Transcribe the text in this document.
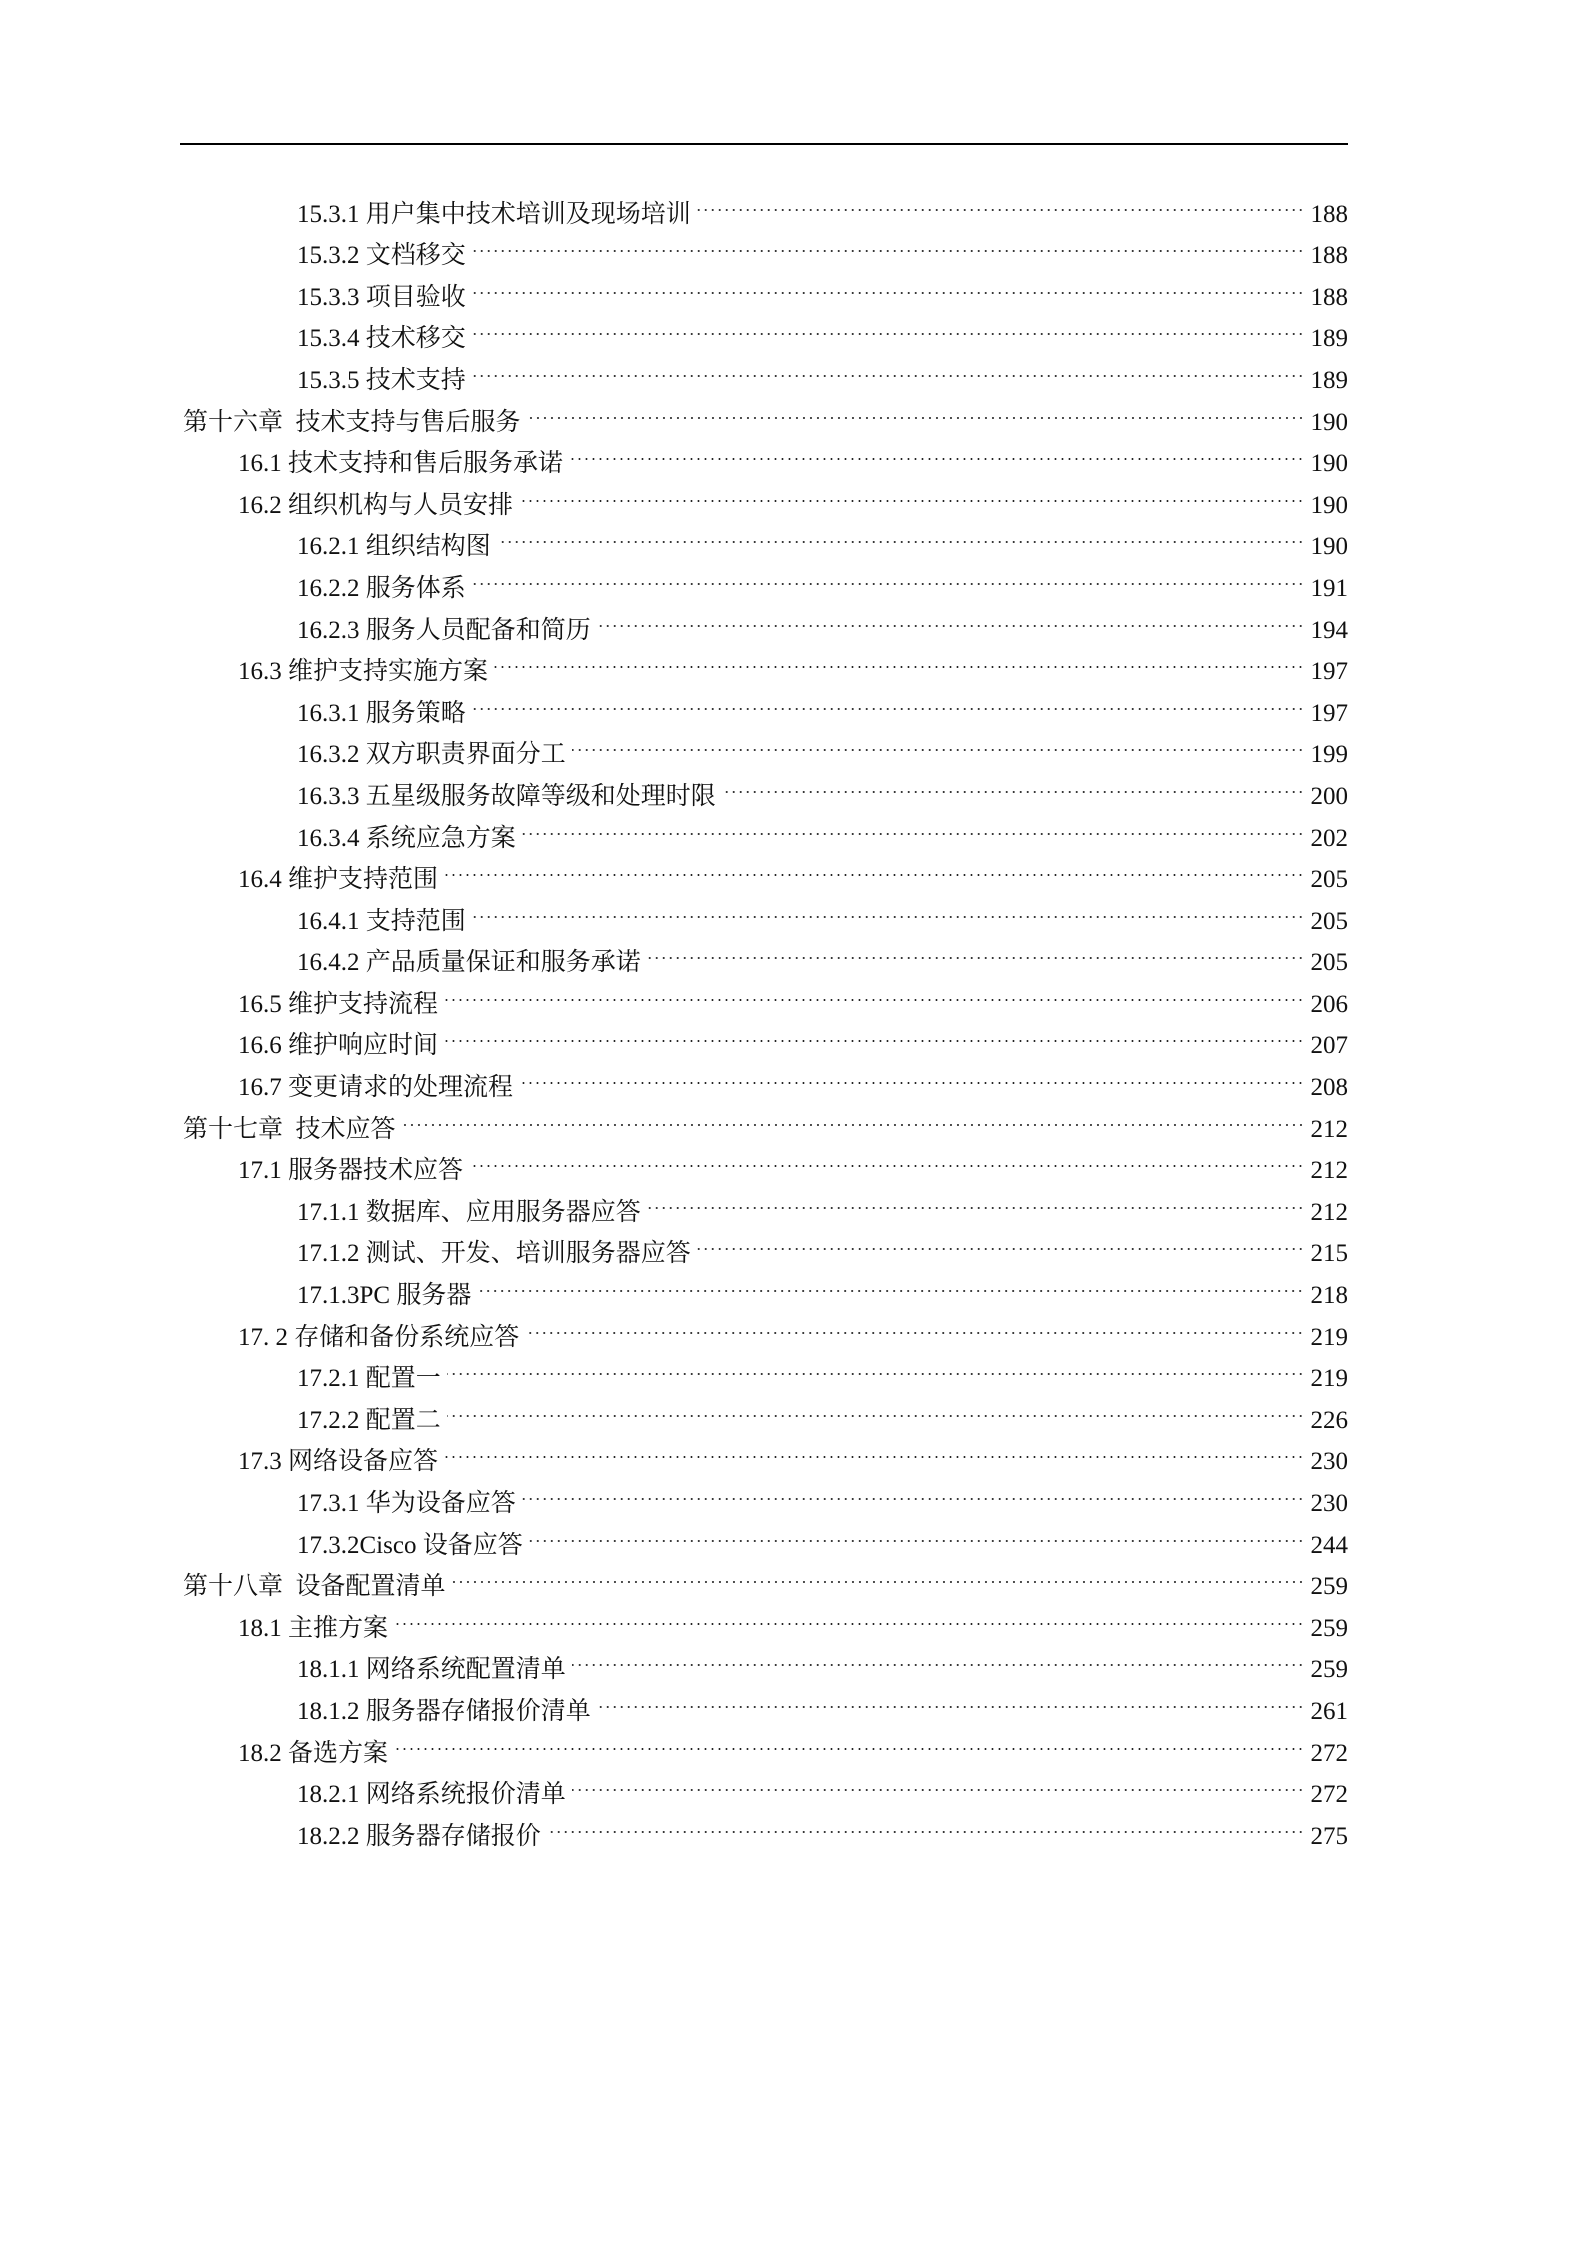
15.3.1 用户集中技术培训及现场培训	188
15.3.2 文档移交	188
15.3.3 项目验收	188
15.3.4 技术移交	189
15.3.5 技术支持	189
第十六章 技术支持与售后服务	190
16.1 技术支持和售后服务承诺	190
16.2 组织机构与人员安排	190
16.2.1 组织结构图	190
16.2.2 服务体系	191
16.2.3 服务人员配备和简历	194
16.3 维护支持实施方案	197
16.3.1 服务策略	197
16.3.2 双方职责界面分工	199
16.3.3 五星级服务故障等级和处理时限	200
16.3.4 系统应急方案	202
16.4 维护支持范围	205
16.4.1 支持范围	205
16.4.2 产品质量保证和服务承诺	205
16.5 维护支持流程	206
16.6 维护响应时间	207
16.7 变更请求的处理流程	208
第十七章 技术应答	212
17.1 服务器技术应答	212
17.1.1 数据库、应用服务器应答	212
17.1.2 测试、开发、培训服务器应答	215
17.1.3PC 服务器	218
17. 2 存储和备份系统应答	219
17.2.1 配置一	219
17.2.2 配置二	226
17.3 网络设备应答	230
17.3.1 华为设备应答	230
17.3.2Cisco 设备应答	244
第十八章 设备配置清单	259
18.1 主推方案	259
18.1.1 网络系统配置清单	259
18.1.2 服务器存储报价清单	261
18.2 备选方案	272
18.2.1 网络系统报价清单	272
18.2.2 服务器存储报价	275
